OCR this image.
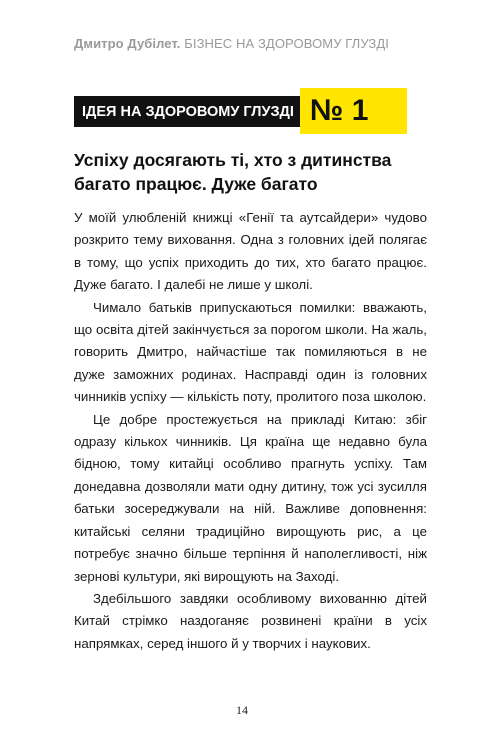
Дмитро Дубілет. БІЗНЕС НА ЗДОРОВОМУ ГЛУЗДІ
ІДЕЯ НА ЗДОРОВОМУ ГЛУЗДІ № 1
Успіху досягають ті, хто з дитинства багато працює. Дуже багато

У моїй улюбленій книжці «Генії та аутсайдери» чудово розкрито тему виховання. Одна з головних ідей полягає в тому, що успіх приходить до тих, хто багато працює. Дуже багато. І далебі не лише у школі.

Чимало батьків припускаються помилки: вважають, що освіта дітей закінчується за порогом школи. На жаль, говорить Дмитро, найчастіше так помиляються в не дуже заможних родинах. Насправді один із головних чинників успіху — кількість поту, пролитого поза школою.

Це добре простежується на прикладі Китаю: збіг одразу кількох чинників. Ця країна ще недавно була бідною, тому китайці особливо прагнуть успіху. Там донедавна дозволяли мати одну дитину, тож усі зусилля батьки зосереджували на ній. Важливе доповнення: китайські селяни традиційно вирощують рис, а це потребує значно більше терпіння й наполегливості, ніж зернові культури, які вирощують на Заході.

Здебільшого завдяки особливому вихованню дітей Китай стрімко наздоганяє розвинені країни в усіх напрямках, серед іншого й у творчих і наукових.

14
